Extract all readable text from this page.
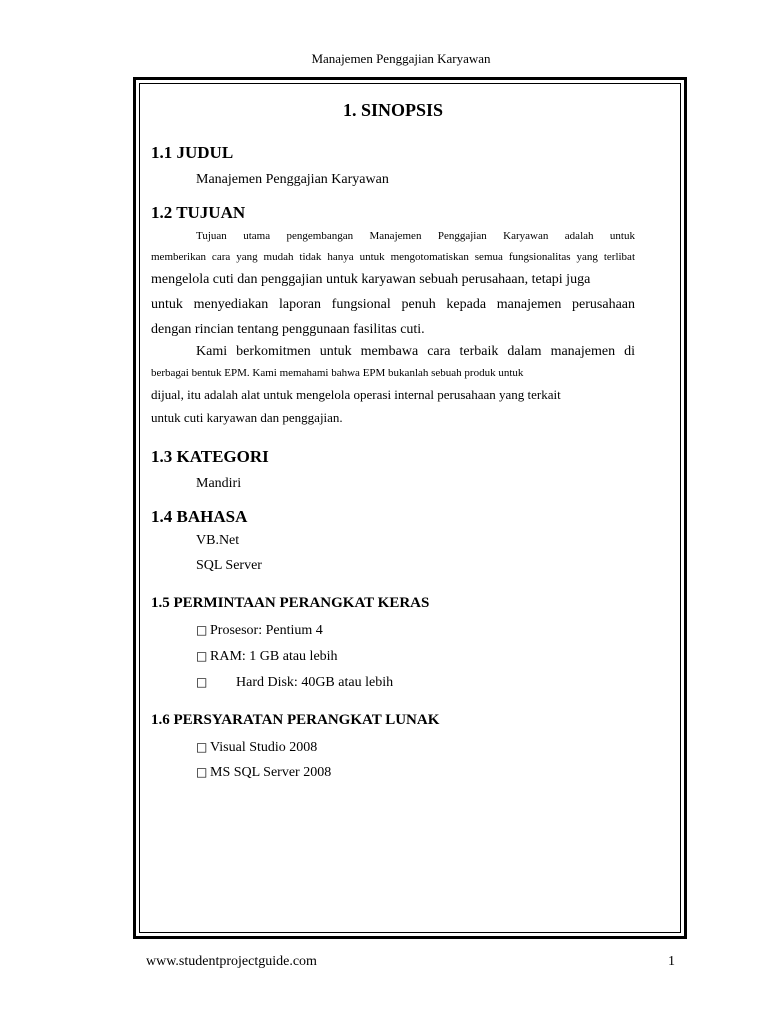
Manajemen Penggajian Karyawan
1. SINOPSIS
1.1 JUDUL

Manajemen Penggajian Karyawan

1.2 TUJUAN

Tujuan utama pengembangan Manajemen Penggajian Karyawan adalah untuk

memberikan cara yang mudah tidak hanya untuk mengotomatiskan semua fungsionalitas yang terlibat

mengelola cuti dan penggajian untuk karyawan sebuah perusahaan, tetapi juga

untuk menyediakan laporan fungsional penuh kepada manajemen perusahaan

dengan rincian tentang penggunaan fasilitas cuti.

Kami berkomitmen untuk membawa cara terbaik dalam manajemen di

berbagai bentuk EPM. Kami memahami bahwa EPM bukanlah sebuah produk untuk

dijual, itu adalah alat untuk mengelola operasi internal perusahaan yang terkait

untuk cuti karyawan dan penggajian.

1.3 KATEGORI

Mandiri

1.4 BAHASA

VB.Net

SQL Server

1.5 PERMINTAAN PERANGKAT KERAS

□ Prosesor: Pentium 4

□ RAM: 1 GB atau lebih

□ Hard Disk: 40GB atau lebih

1.6 PERSYARATAN PERANGKAT LUNAK

□ Visual Studio 2008

□ MS SQL Server 2008

www.studentprojectguide.com	1
